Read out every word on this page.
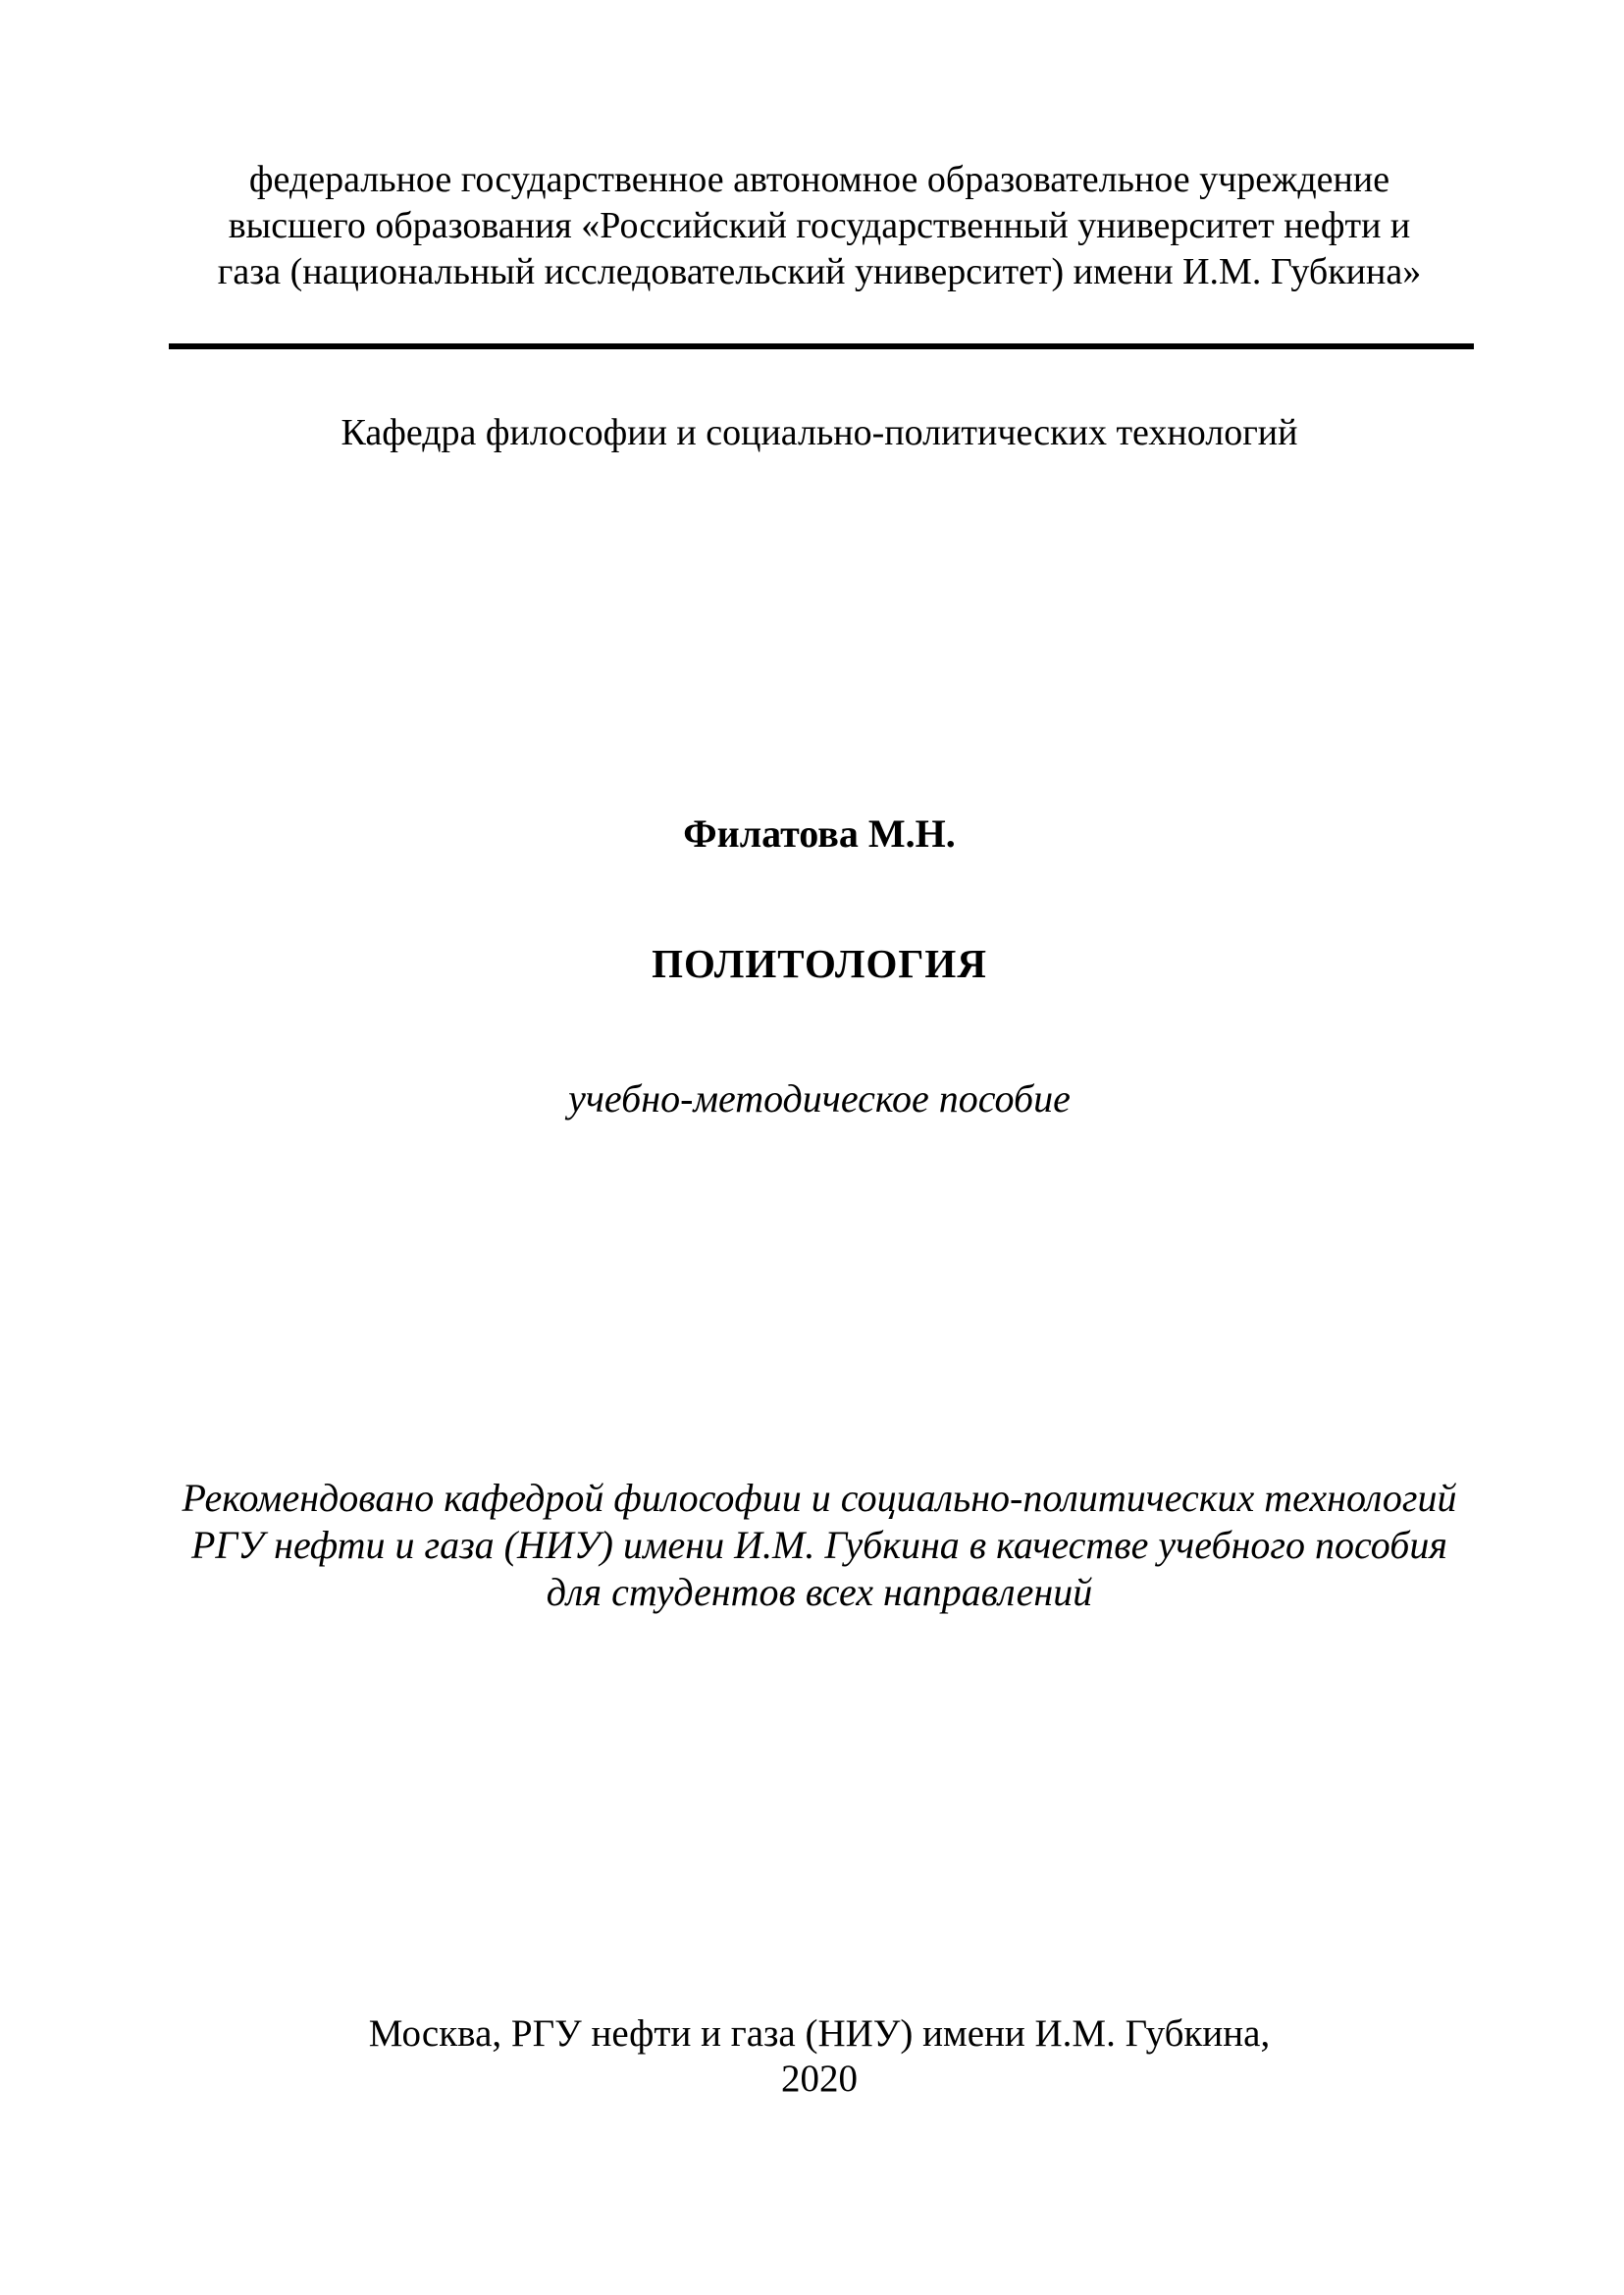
федеральное государственное автономное образовательное учреждение
высшего образования «Российский государственный университет нефти и
газа (национальный исследовательский университет) имени И.М. Губкина»
Кафедра философии и социально-политических технологий
Филатова М.Н.
ПОЛИТОЛОГИЯ
учебно-методическое пособие
Рекомендовано кафедрой философии и социально-политических технологий
РГУ нефти и газа (НИУ) имени И.М. Губкина в качестве учебного пособия
для студентов всех направлений
Москва, РГУ нефти и газа (НИУ) имени И.М. Губкина,
2020
